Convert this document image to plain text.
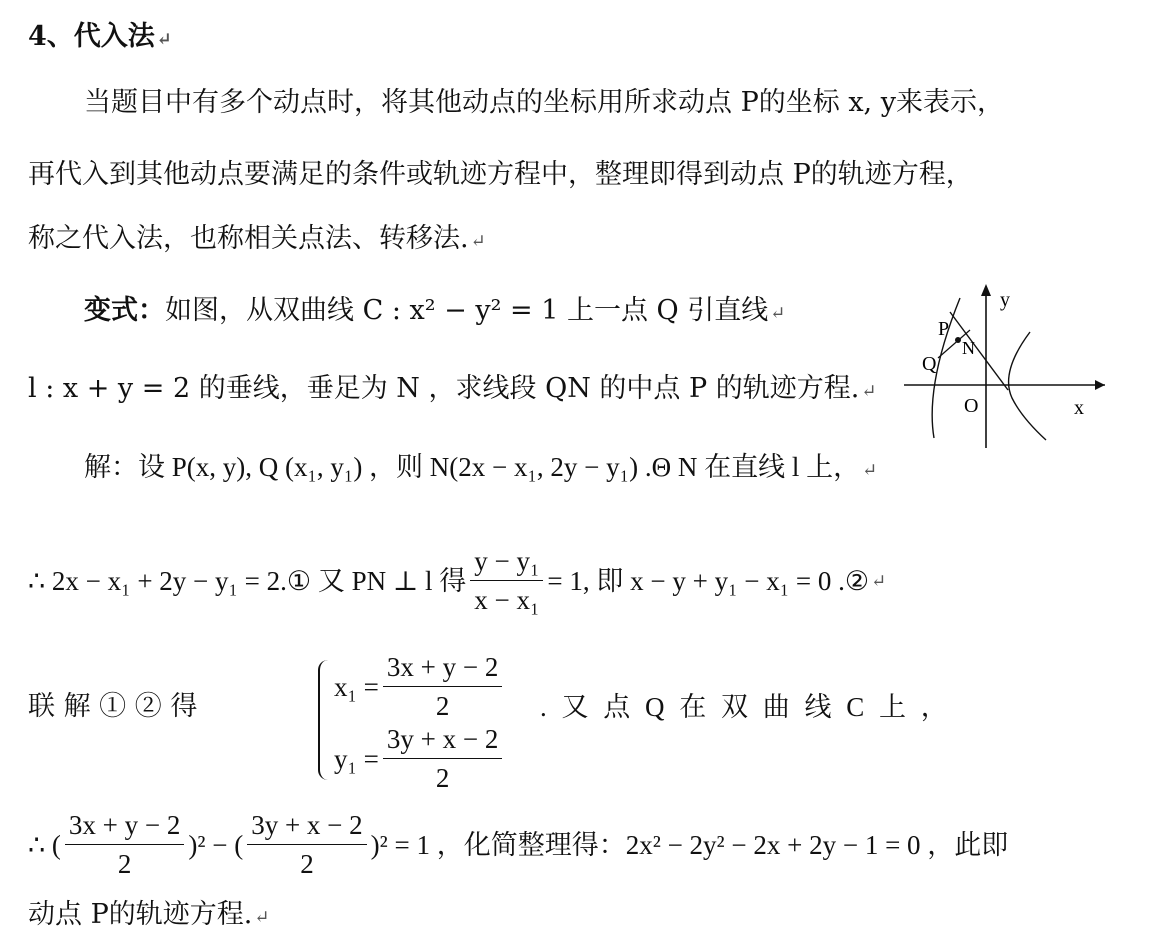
4、代入法 ↵
当题目中有多个动点时，将其他动点的坐标用所求动点 P的坐标 x, y来表示，
再代入到其他动点要满足的条件或轨迹方程中，整理即得到动点 P的轨迹方程，
称之代入法，也称相关点法、转移法. ↵
变式：如图，从双曲线 C : x² − y² = 1 上一点 Q 引直线 ↵
l : x + y = 2 的垂线，垂足为 N ，求线段 QN 的中点 P 的轨迹方程. ↵
y
x
O
P
Q
N
解：设 P(x, y), Q (x₁, y₁) ，则 N(2x − x₁, 2y − y₁) .Θ N 在直线 l 上， ↵
∴ 2x − x₁ + 2y − y₁ = 2.① 又 PN ⊥ l 得 $\frac{\text{y − y₁}}{\text{x − x₁}} = 1$, 即 x − y + y₁ − x₁ = 0 .② ↵
联 解 ① ② 得
$x_1 = \frac{3x + y - 2}{2}$
$y_1 = \frac{3y + x - 2}{2}$
. 又 点 Q 在 双 曲 线 C 上 ，
∴ ( $\frac{3x + y - 2}{2} )^2$ − ( $\frac{3y + x - 2}{2} )^2 = 1$ ，化简整理得：2x² − 2y² − 2x + 2y − 1 = 0 ，此即
动点 P的轨迹方程. ↵
